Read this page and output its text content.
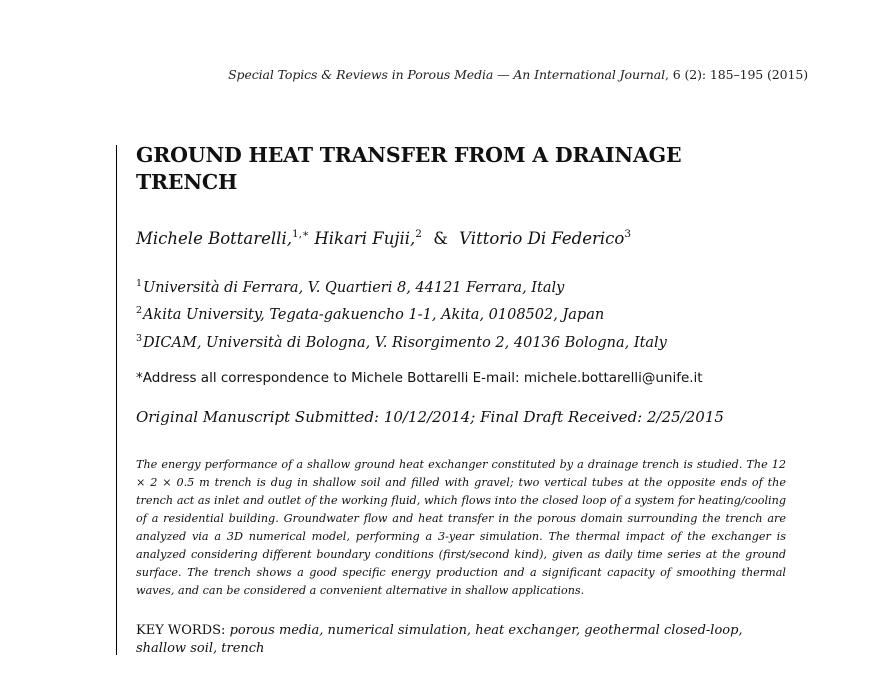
Special Topics & Reviews in Porous Media — An International Journal, 6 (2): 185–195 (2015)
GROUND HEAT TRANSFER FROM A DRAINAGE TRENCH
Michele Bottarelli,$^{1,∗}$ Hikari Fujii,$^2$ & Vittorio Di Federico$^3$
$^1$Università di Ferrara, V. Quartieri 8, 44121 Ferrara, Italy
$^2$Akita University, Tegata-gakuencho 1-1, Akita, 0108502, Japan
$^3$DICAM, Università di Bologna, V. Risorgimento 2, 40136 Bologna, Italy
*Address all correspondence to Michele Bottarelli E-mail: michele.bottarelli@unife.it
Original Manuscript Submitted: 10/12/2014; Final Draft Received: 2/25/2015
The energy performance of a shallow ground heat exchanger constituted by a drainage trench is studied. The 12 × 2 × 0.5 m trench is dug in shallow soil and filled with gravel; two vertical tubes at the opposite ends of the trench act as inlet and outlet of the working fluid, which flows into the closed loop of a system for heating/cooling of a residential building. Groundwater flow and heat transfer in the porous domain surrounding the trench are analyzed via a 3D numerical model, performing a 3-year simulation. The thermal impact of the exchanger is analyzed considering different boundary conditions (first/second kind), given as daily time series at the ground surface. The trench shows a good specific energy production and a significant capacity of smoothing thermal waves, and can be considered a convenient alternative in shallow applications.
KEY WORDS: porous media, numerical simulation, heat exchanger, geothermal closed-loop, shallow soil, trench
